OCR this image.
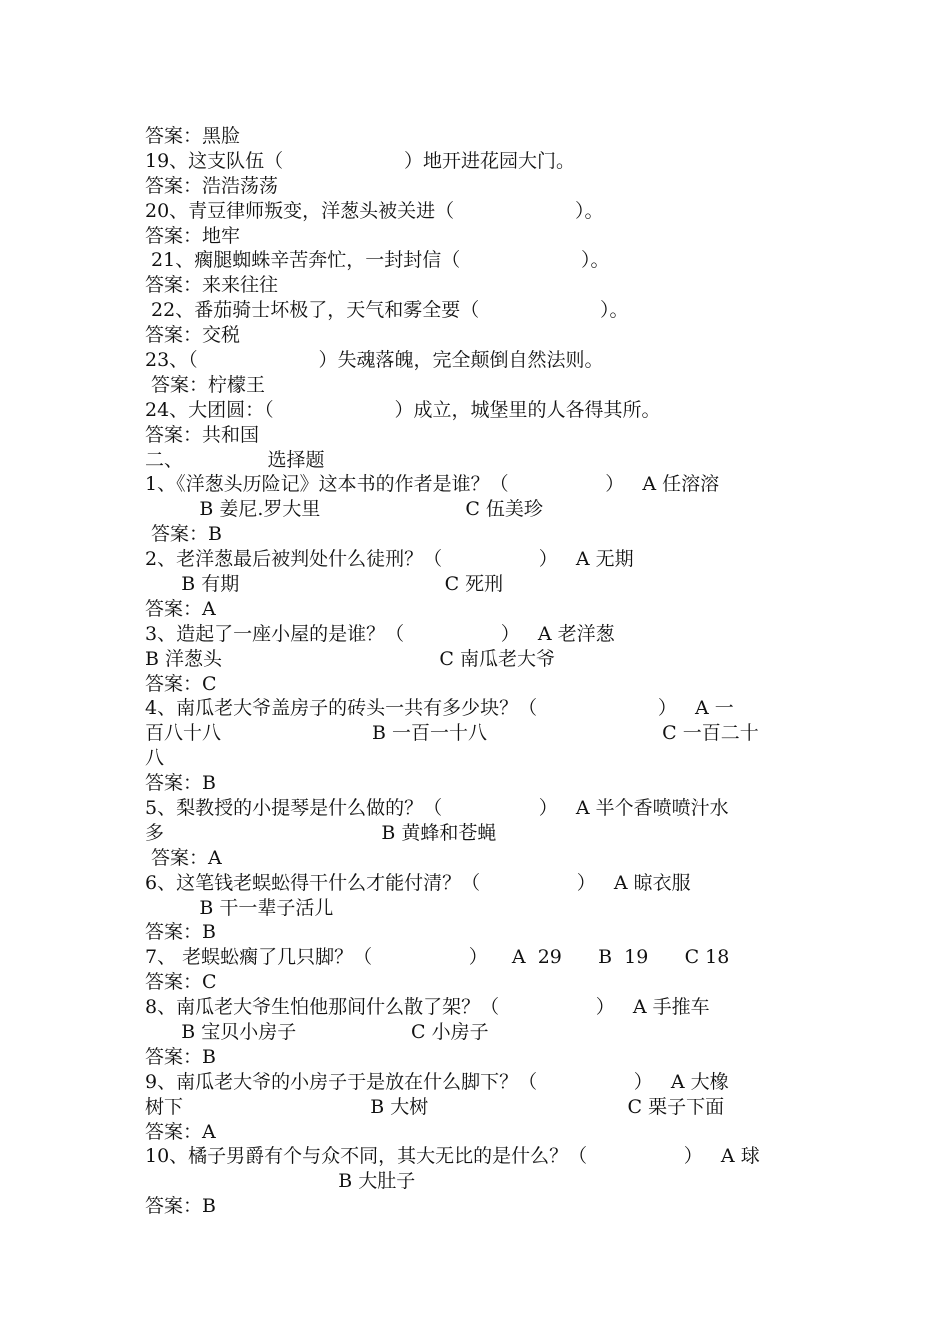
答案：黑脸
19、这支队伍（                    ）地开进花园大门。
答案：浩浩荡荡
20、青豆律师叛变，洋葱头被关进（                    ）。
答案：地牢
21、瘸腿蜘蛛辛苦奔忙，一封封信（                    ）。
答案：来来往往
22、番茄骑士坏极了，天气和雾全要（                    ）。
答案：交税
23、（                    ）失魂落魄，完全颠倒自然法则。
答案：柠檬王
24、大团圆：（                    ）成立，城堡里的人各得其所。
答案：共和国
二、              选择题
1、《洋葱头历险记》这本书的作者是谁？（                ）   A 任溶溶
B 姜尼.罗大里                        C 伍美珍
答案：B
2、老洋葱最后被判处什么徒刑？（                ）   A 无期
B 有期                                  C 死刑
答案：A
3、造起了一座小屋的是谁？（                ）   A 老洋葱
B 洋葱头                                    C 南瓜老大爷
答案：C
4、南瓜老大爷盖房子的砖头一共有多少块？（                    ）   A 一
百八十八                         B 一百一十八                             C 一百二十
八
答案：B
5、梨教授的小提琴是什么做的？（                ）   A 半个香喷喷汁水
多                                    B 黄蜂和苍蝇
答案：A
6、这笔钱老蜈蚣得干什么才能付清？（                ）   A 晾衣服
B 干一辈子活儿
答案：B
7、 老蜈蚣瘸了几只脚？（                ）    A  29      B  19      C 18
答案：C
8、南瓜老大爷生怕他那间什么散了架？（                ）   A 手推车
B 宝贝小房子                   C 小房子
答案：B
9、南瓜老大爷的小房子于是放在什么脚下？（                ）   A 大橡
树下                               B 大树                                 C 栗子下面
答案：A
10、橘子男爵有个与众不同，其大无比的是什么？（                ）   A 球
B 大肚子
答案：B
